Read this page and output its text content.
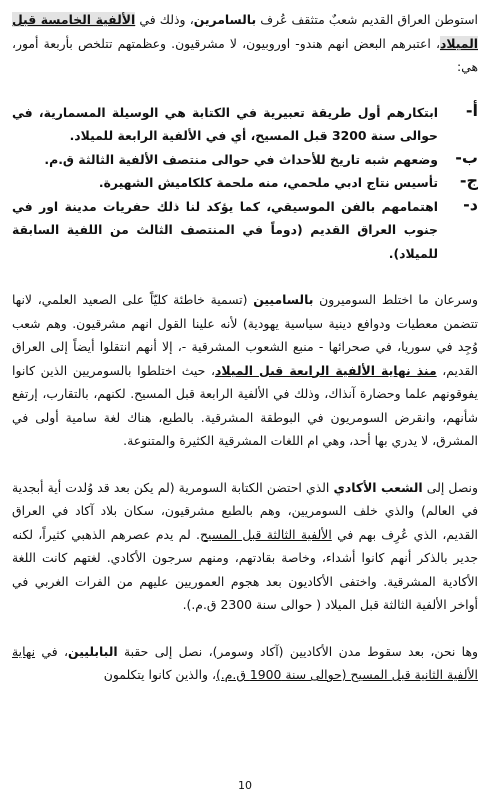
استوطن العراق القديم شعبٌ متثقف عُرف بالسامرين، وذلك في الألفية الخامسة قبل الميلاد، اعتبرهم البعض انهم هندو- اوروبيون، لا مشرقيون. وعظمتهم تتلخص بأربعة أمور، هي:

أ-

ابتكارهم أول طريقة تعبيرية في الكتابة هي الوسيلة المسمارية، في حوالى سنة 3200 قبل المسيح، أي في الألفية الرابعة للميلاد.

ب-

وضعهم شبه تاريخ للأحداث في حوالى منتصف الألفية الثالثة ق.م.

ج-

تأسيس نتاج ادبي ملحمي، منه ملحمة كلكاميش الشهيرة.

د-

اهتمامهم بالفن الموسيقي، كما يؤكد لنا ذلك حفريات مدينة اور في جنوب العراق القديم (دوماً في المنتصف الثالث من اللفية السابقة للميلاد).

وسرعان ما اختلط السوميرون بالساميين (تسمية خاطئة كليّاً على الصعيد العلمي، لانها تتضمن معطيات ودوافع دينية سياسية يهودية) لأنه علينا القول انهم مشرقيون. وهم شعب وُجِد في سوريا، في صحرائها - منبع الشعوب المشرقية -، إلا أنهم انتقلوا أيضاً إلى العراق القديم، منذ نهاية الألفية الرابعة قبل الميلاد، حيث اختلطوا بالسومريين الذين كانوا يفوقونهم علما وحضارة آنذاك، وذلك في الألفية الرابعة قبل المسيح. لكنهم، بالتقارب، إرتفع شأنهم، وانقرض السومريون في البوطقة المشرقية. بالطبع، هناك لغة سامية أولى في المشرق، لا يدري بها أحد، وهي ام اللغات المشرقية الكثيرة والمتنوعة.

ونصل إلى الشعب الأكادي الذي احتضن الكتابة السومرية (لم يكن بعد قد وُلدت أية أبجدية في العالم) والذي خلف السومريين، وهم بالطبع مشرقيون، سكان بلاد آكاد في العراق القديم، الذي عُرِف بهم في الألفية الثالثة قبل المسيح. لم يدم عصرهم الذهبي كثيراً، لكنه جدير بالذكر أنهم كانوا أشداء، وخاصة بقادتهم، ومنهم سرجون الأكادي. لغتهم كانت اللغة الأكادية المشرقية. واختفى الأكاديون بعد هجوم العموريين عليهم من الفرات الغربي في أواخر الألفية الثالثة قبل الميلاد ( حوالى سنة 2300 ق.م.).

وها نحن، بعد سقوط مدن الأكاديين (آكاد وسومر)، نصل إلى حقبة البابليين، في نهاية الألفية الثانية قبل المسيح (حوالى سنة 1900 ق.م.)، والذين كانوا يتكلمون

10
